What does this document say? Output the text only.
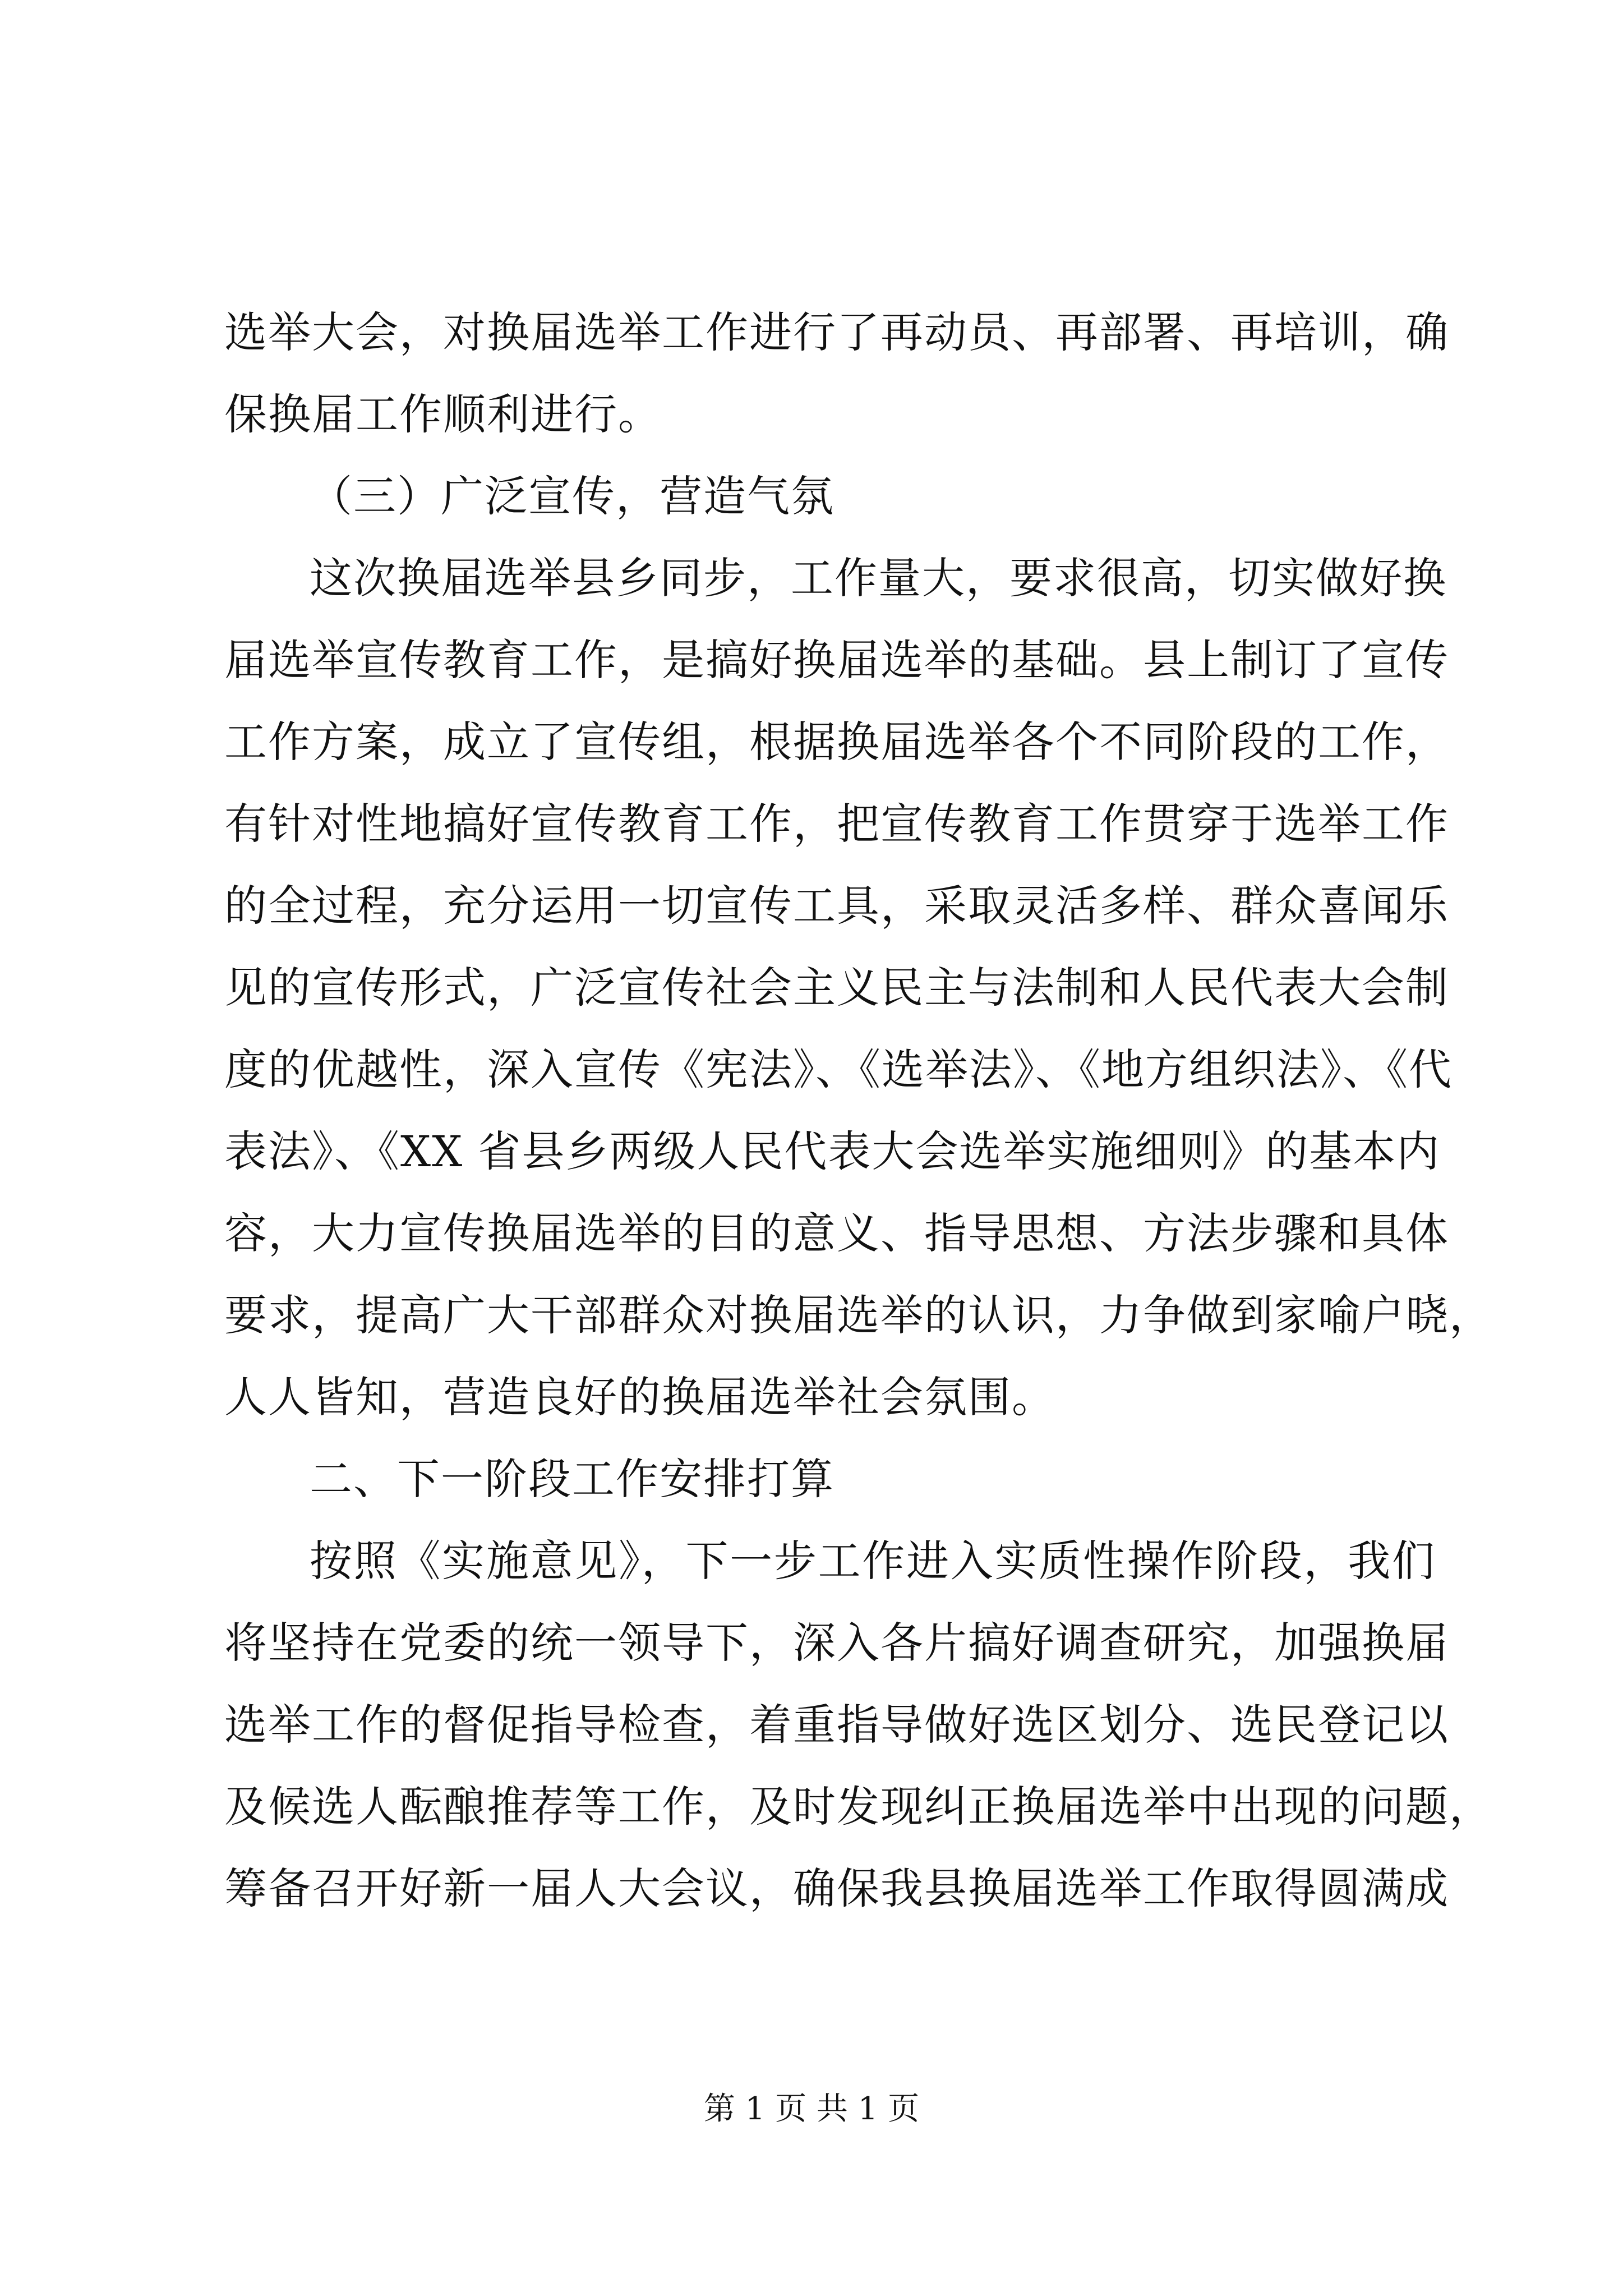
选举大会，对换届选举工作进行了再动员、再部署、再培训，确
保换届工作顺利进行。
（三）广泛宣传，营造气氛
这次换届选举县乡同步，工作量大，要求很高，切实做好换
届选举宣传教育工作，是搞好换届选举的基础。县上制订了宣传
工作方案，成立了宣传组，根据换届选举各个不同阶段的工作，
有针对性地搞好宣传教育工作，把宣传教育工作贯穿于选举工作
的全过程，充分运用一切宣传工具，采取灵活多样、群众喜闻乐
见的宣传形式，广泛宣传社会主义民主与法制和人民代表大会制
度的优越性，深入宣传《宪法》、《选举法》、《地方组织法》、《代
表法》、《XX 省县乡两级人民代表大会选举实施细则》的基本内
容，大力宣传换届选举的目的意义、指导思想、方法步骤和具体
要求，提高广大干部群众对换届选举的认识，力争做到家喻户晓，
人人皆知，营造良好的换届选举社会氛围。
二、下一阶段工作安排打算
按照《实施意见》，下一步工作进入实质性操作阶段，我们
将坚持在党委的统一领导下，深入各片搞好调查研究，加强换届
选举工作的督促指导检查，着重指导做好选区划分、选民登记以
及候选人酝酿推荐等工作，及时发现纠正换届选举中出现的问题，
筹备召开好新一届人大会议，确保我县换届选举工作取得圆满成
第 1 页 共 1 页
